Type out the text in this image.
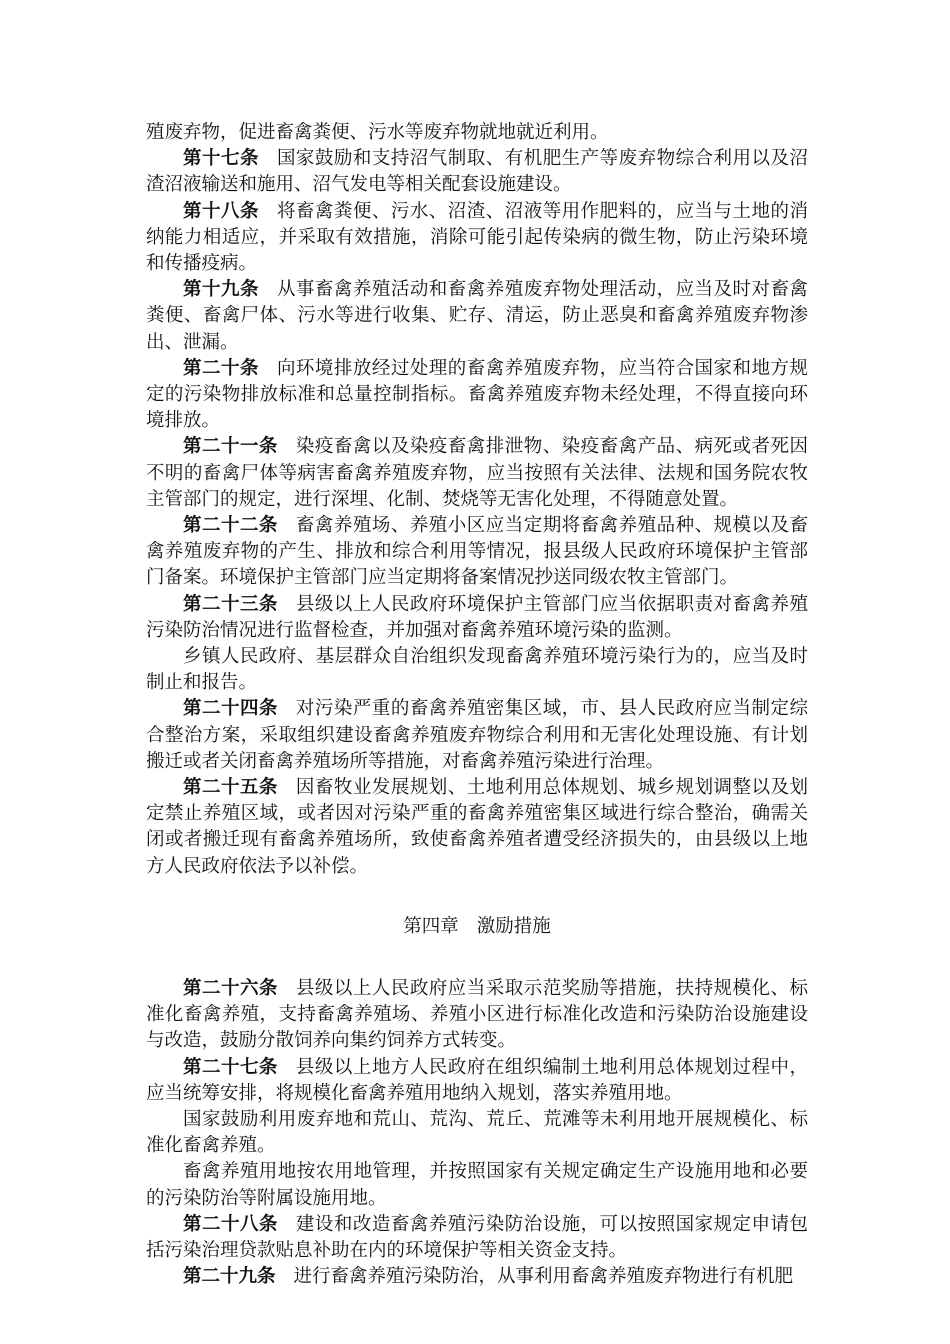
殖废弃物，促进畜禽粪便、污水等废弃物就地就近利用。

第十七条 国家鼓励和支持沼气制取、有机肥生产等废弃物综合利用以及沼渣沼液输送和施用、沼气发电等相关配套设施建设。

第十八条 将畜禽粪便、污水、沼渣、沼液等用作肥料的，应当与土地的消纳能力相适应，并采取有效措施，消除可能引起传染病的微生物，防止污染环境和传播疫病。

第十九条 从事畜禽养殖活动和畜禽养殖废弃物处理活动，应当及时对畜禽粪便、畜禽尸体、污水等进行收集、贮存、清运，防止恶臭和畜禽养殖废弃物渗出、泄漏。

第二十条 向环境排放经过处理的畜禽养殖废弃物，应当符合国家和地方规定的污染物排放标准和总量控制指标。畜禽养殖废弃物未经处理，不得直接向环境排放。

第二十一条 染疫畜禽以及染疫畜禽排泄物、染疫畜禽产品、病死或者死因不明的畜禽尸体等病害畜禽养殖废弃物，应当按照有关法律、法规和国务院农牧主管部门的规定，进行深埋、化制、焚烧等无害化处理，不得随意处置。

第二十二条 畜禽养殖场、养殖小区应当定期将畜禽养殖品种、规模以及畜禽养殖废弃物的产生、排放和综合利用等情况，报县级人民政府环境保护主管部门备案。环境保护主管部门应当定期将备案情况抄送同级农牧主管部门。

第二十三条 县级以上人民政府环境保护主管部门应当依据职责对畜禽养殖污染防治情况进行监督检查，并加强对畜禽养殖环境污染的监测。

乡镇人民政府、基层群众自治组织发现畜禽养殖环境污染行为的，应当及时制止和报告。

第二十四条 对污染严重的畜禽养殖密集区域，市、县人民政府应当制定综合整治方案，采取组织建设畜禽养殖废弃物综合利用和无害化处理设施、有计划搬迁或者关闭畜禽养殖场所等措施，对畜禽养殖污染进行治理。

第二十五条 因畜牧业发展规划、土地利用总体规划、城乡规划调整以及划定禁止养殖区域，或者因对污染严重的畜禽养殖密集区域进行综合整治，确需关闭或者搬迁现有畜禽养殖场所，致使畜禽养殖者遭受经济损失的，由县级以上地方人民政府依法予以补偿。

第四章 激励措施

第二十六条 县级以上人民政府应当采取示范奖励等措施，扶持规模化、标准化畜禽养殖，支持畜禽养殖场、养殖小区进行标准化改造和污染防治设施建设与改造，鼓励分散饲养向集约饲养方式转变。

第二十七条 县级以上地方人民政府在组织编制土地利用总体规划过程中，应当统筹安排，将规模化畜禽养殖用地纳入规划，落实养殖用地。

国家鼓励利用废弃地和荒山、荒沟、荒丘、荒滩等未利用地开展规模化、标准化畜禽养殖。

畜禽养殖用地按农用地管理，并按照国家有关规定确定生产设施用地和必要的污染防治等附属设施用地。

第二十八条 建设和改造畜禽养殖污染防治设施，可以按照国家规定申请包括污染治理贷款贴息补助在内的环境保护等相关资金支持。

第二十九条 进行畜禽养殖污染防治，从事利用畜禽养殖废弃物进行有机肥
